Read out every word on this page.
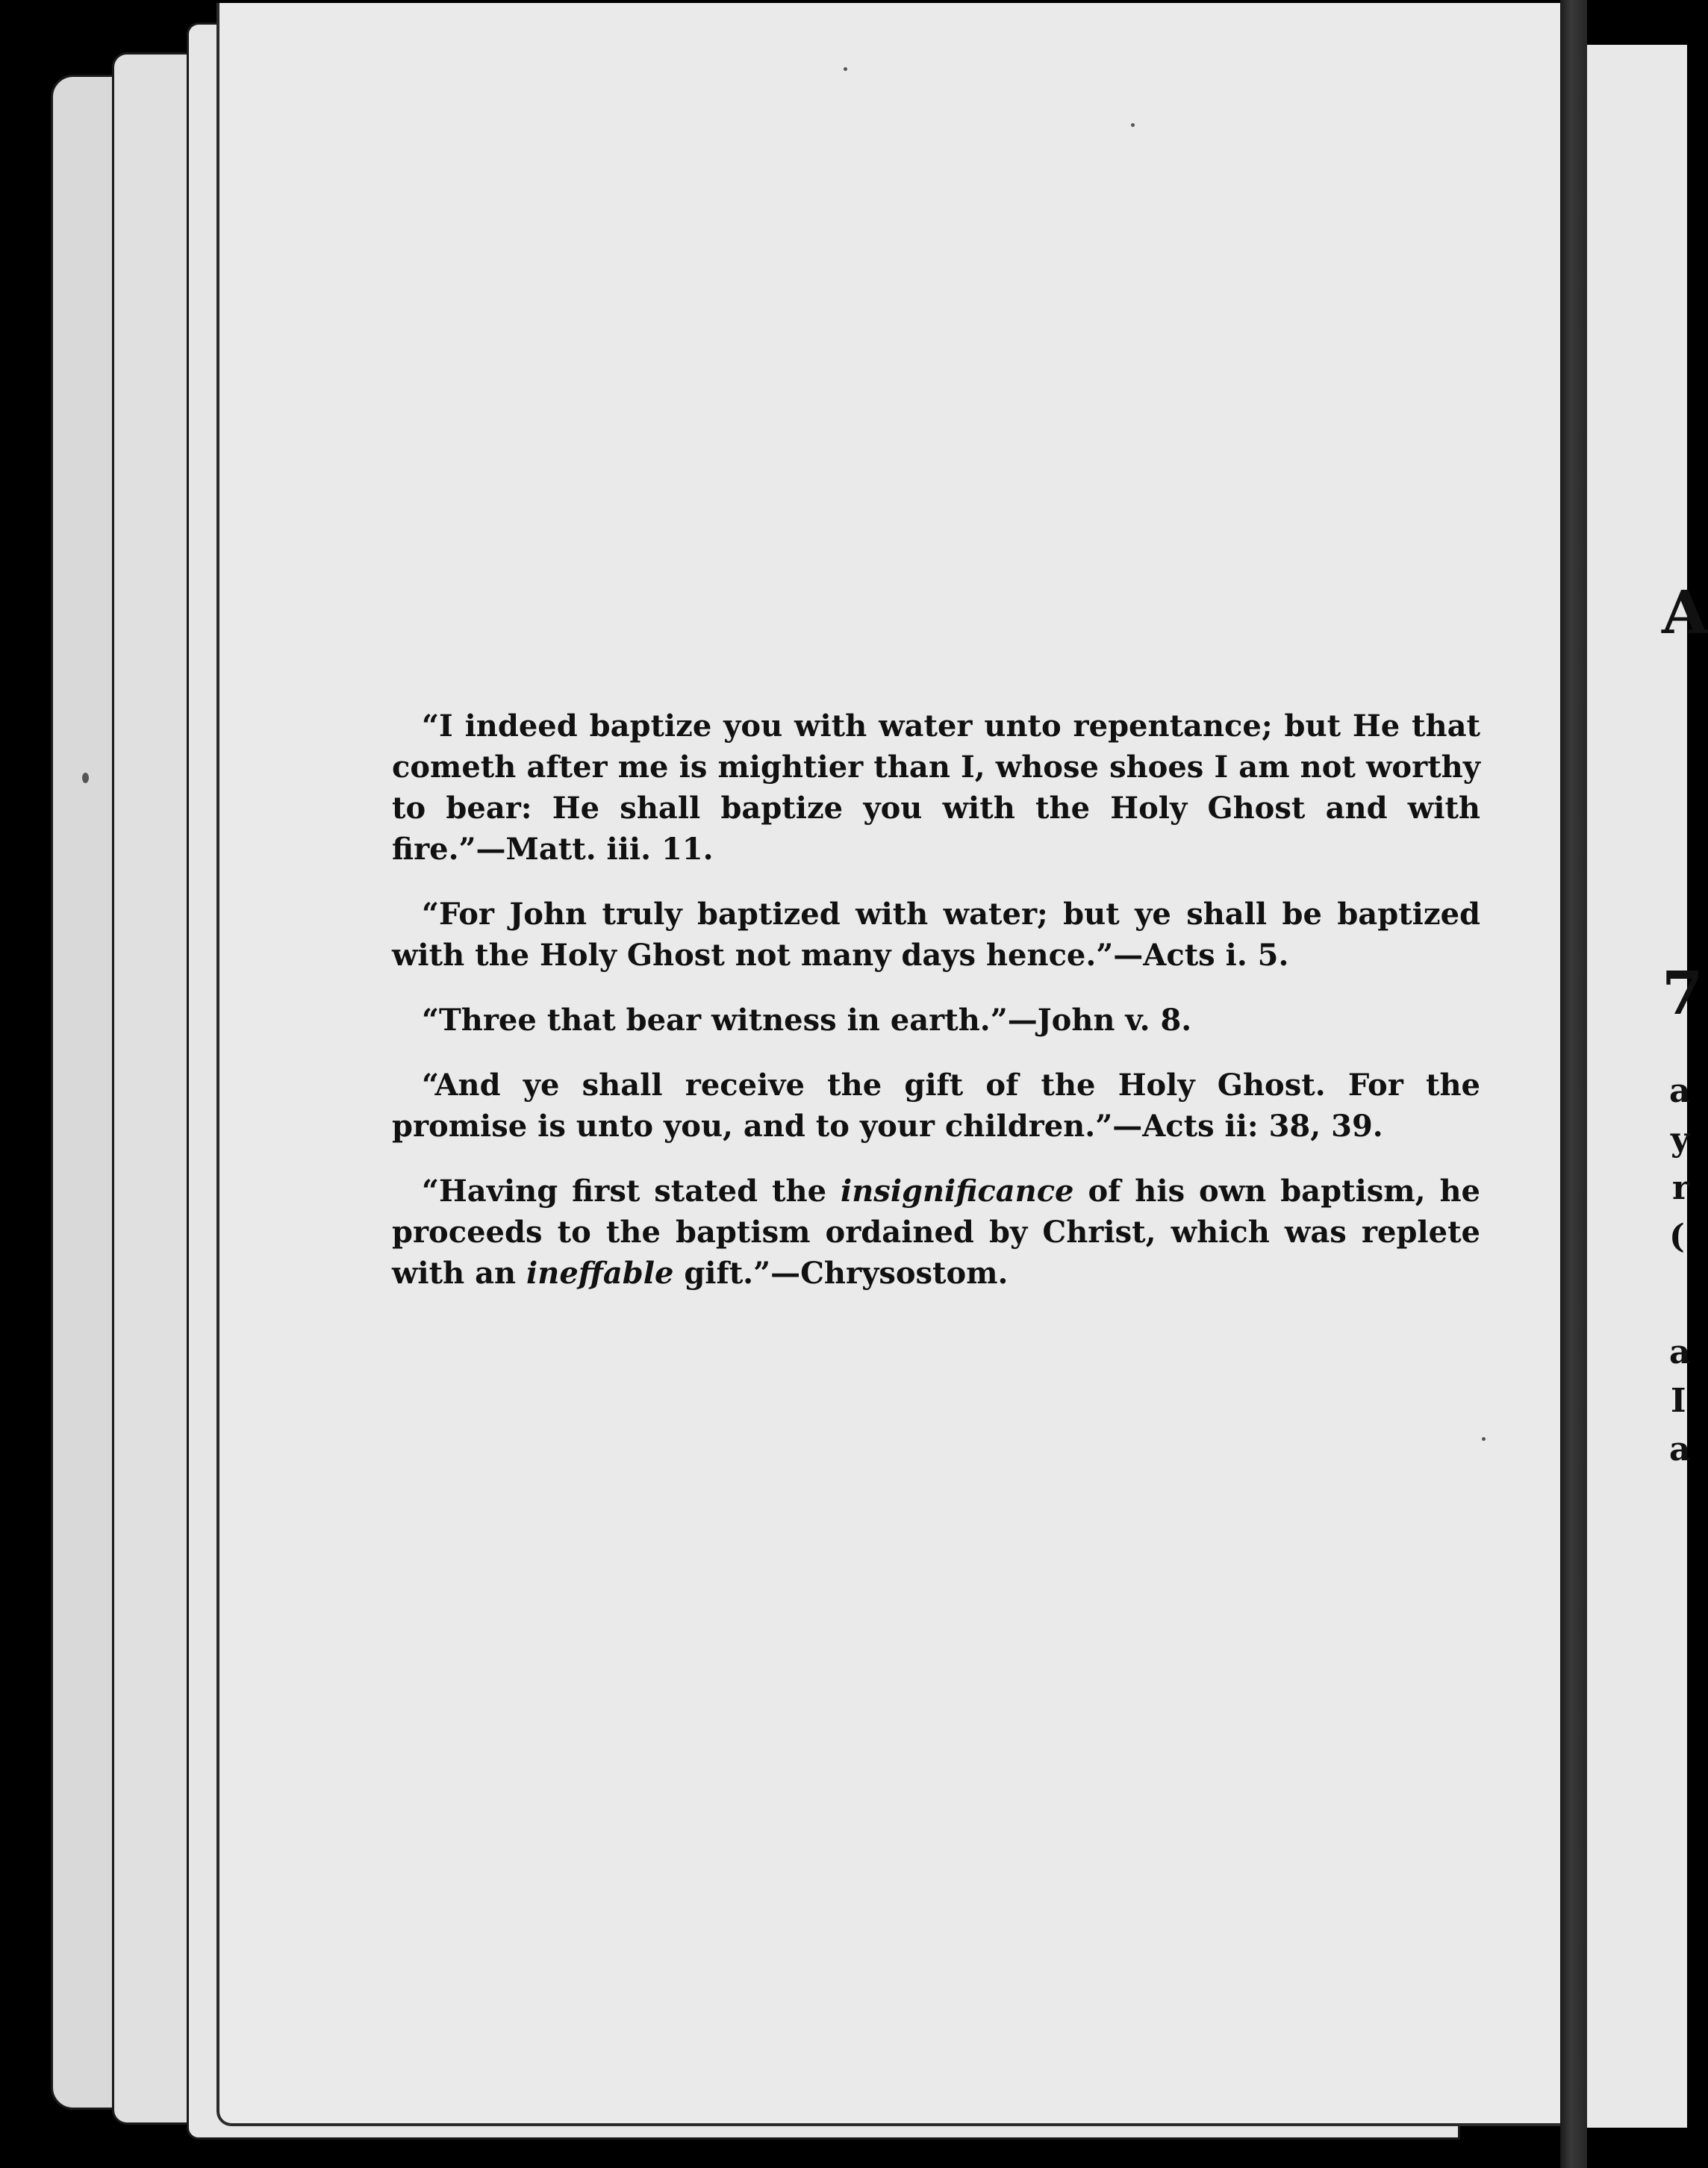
“I indeed baptize you with water unto repentance; but He that cometh after me is mightier than I, whose shoes I am not worthy to bear: He shall baptize you with the Holy Ghost and with fire.”—Matt. iii. 11.

“For John truly baptized with water; but ye shall be baptized with the Holy Ghost not many days hence.”—Acts i. 5.

“Three that bear witness in earth.”—John v. 8.

“And ye shall receive the gift of the Holy Ghost. For the promise is unto you, and to your children.”—Acts ii: 38, 39.

“Having first stated the insignificance of his own baptism, he proceeds to the baptism ordained by Christ, which was replete with an ineffable gift.”—Chrysostom.

A
7
a
y
r
(
a
I
a
